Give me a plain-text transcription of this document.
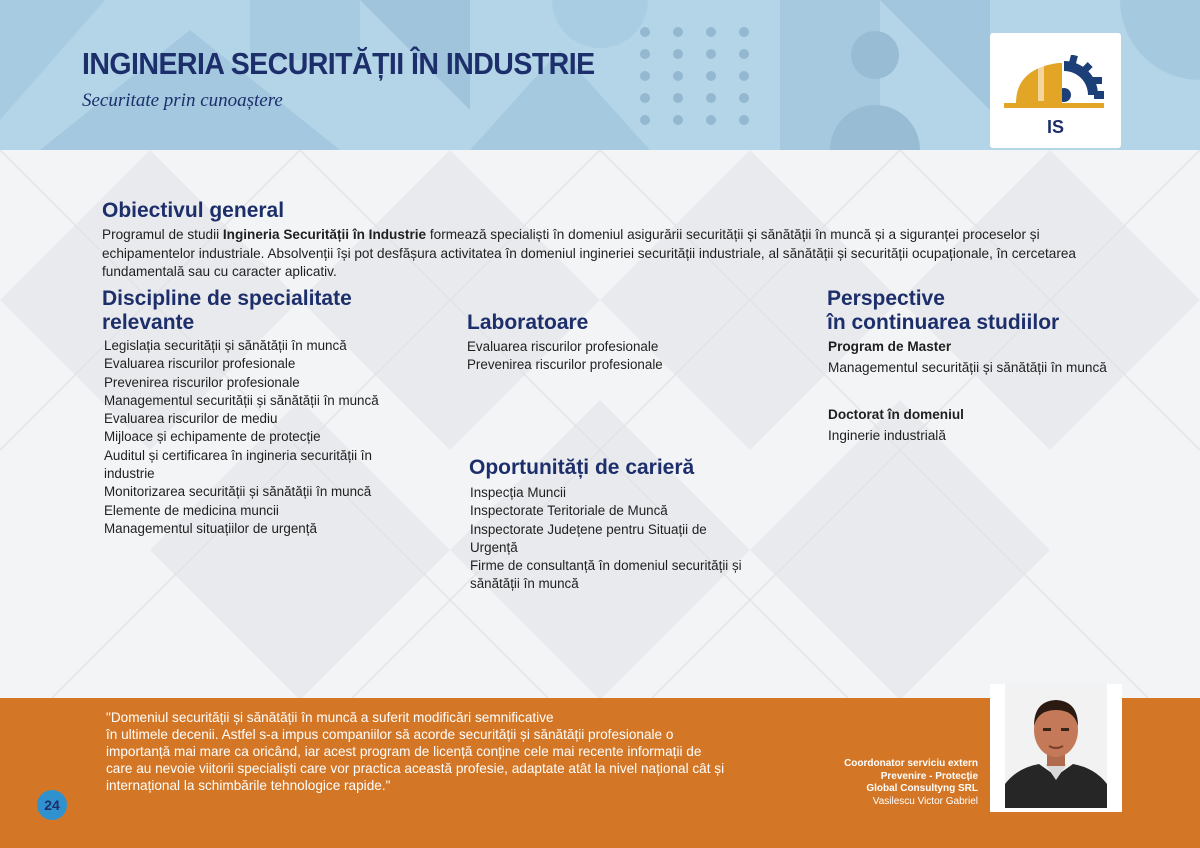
INGINERIA SECURITĂȚII ÎN INDUSTRIE

Securitate prin cunoaștere

IS
Obiectivul general

Programul de studii Ingineria Securității în Industrie formează specialiști în domeniul asigurării securității și sănătății în muncă și a siguranței proceselor și
echipamentelor industriale. Absolvenții își pot desfășura activitatea în domeniul ingineriei securității industriale, al sănătății și securității ocupaționale, în cercetarea
fundamentală sau cu caracter aplicativ.

Discipline de specialitate
relevante
Legislația securității și sănătății în muncă
Evaluarea riscurilor profesionale
Prevenirea riscurilor profesionale
Managementul securității și sănătății în muncă
Evaluarea riscurilor de mediu
Mijloace și echipamente de protecție
Auditul și certificarea în ingineria securității în
industrie
Monitorizarea securității și sănătății în muncă
Elemente de medicina muncii
Managementul situațiilor de urgență
Laboratoare
Evaluarea riscurilor profesionale
Prevenirea riscurilor profesionale
Oportunități de carieră
Inspecția Muncii
Inspectorate Teritoriale de Muncă
Inspectorate Județene pentru Situații de
Urgență
Firme de consultanță în domeniul securității și
sănătății în muncă
Perspective
în continuarea studiilor

Program de Master

Managementul securității și sănătății în muncă

Doctorat în domeniul

Inginerie industrială

"Domeniul securității și sănătății în muncă a suferit modificări semnificative
în ultimele decenii. Astfel s-a impus companiilor să acorde securității și sănătății profesionale o
importanță mai mare ca oricând, iar acest program de licență conține cele mai recente informații de
care au nevoie viitorii specialiști care vor practica această profesie, adaptate atât la nivel național cât și
internațional la schimbările tehnologice rapide."

Coordonator serviciu extern
Prevenire - Protecție
Global Consultyng SRL
Vasilescu Victor Gabriel
24
